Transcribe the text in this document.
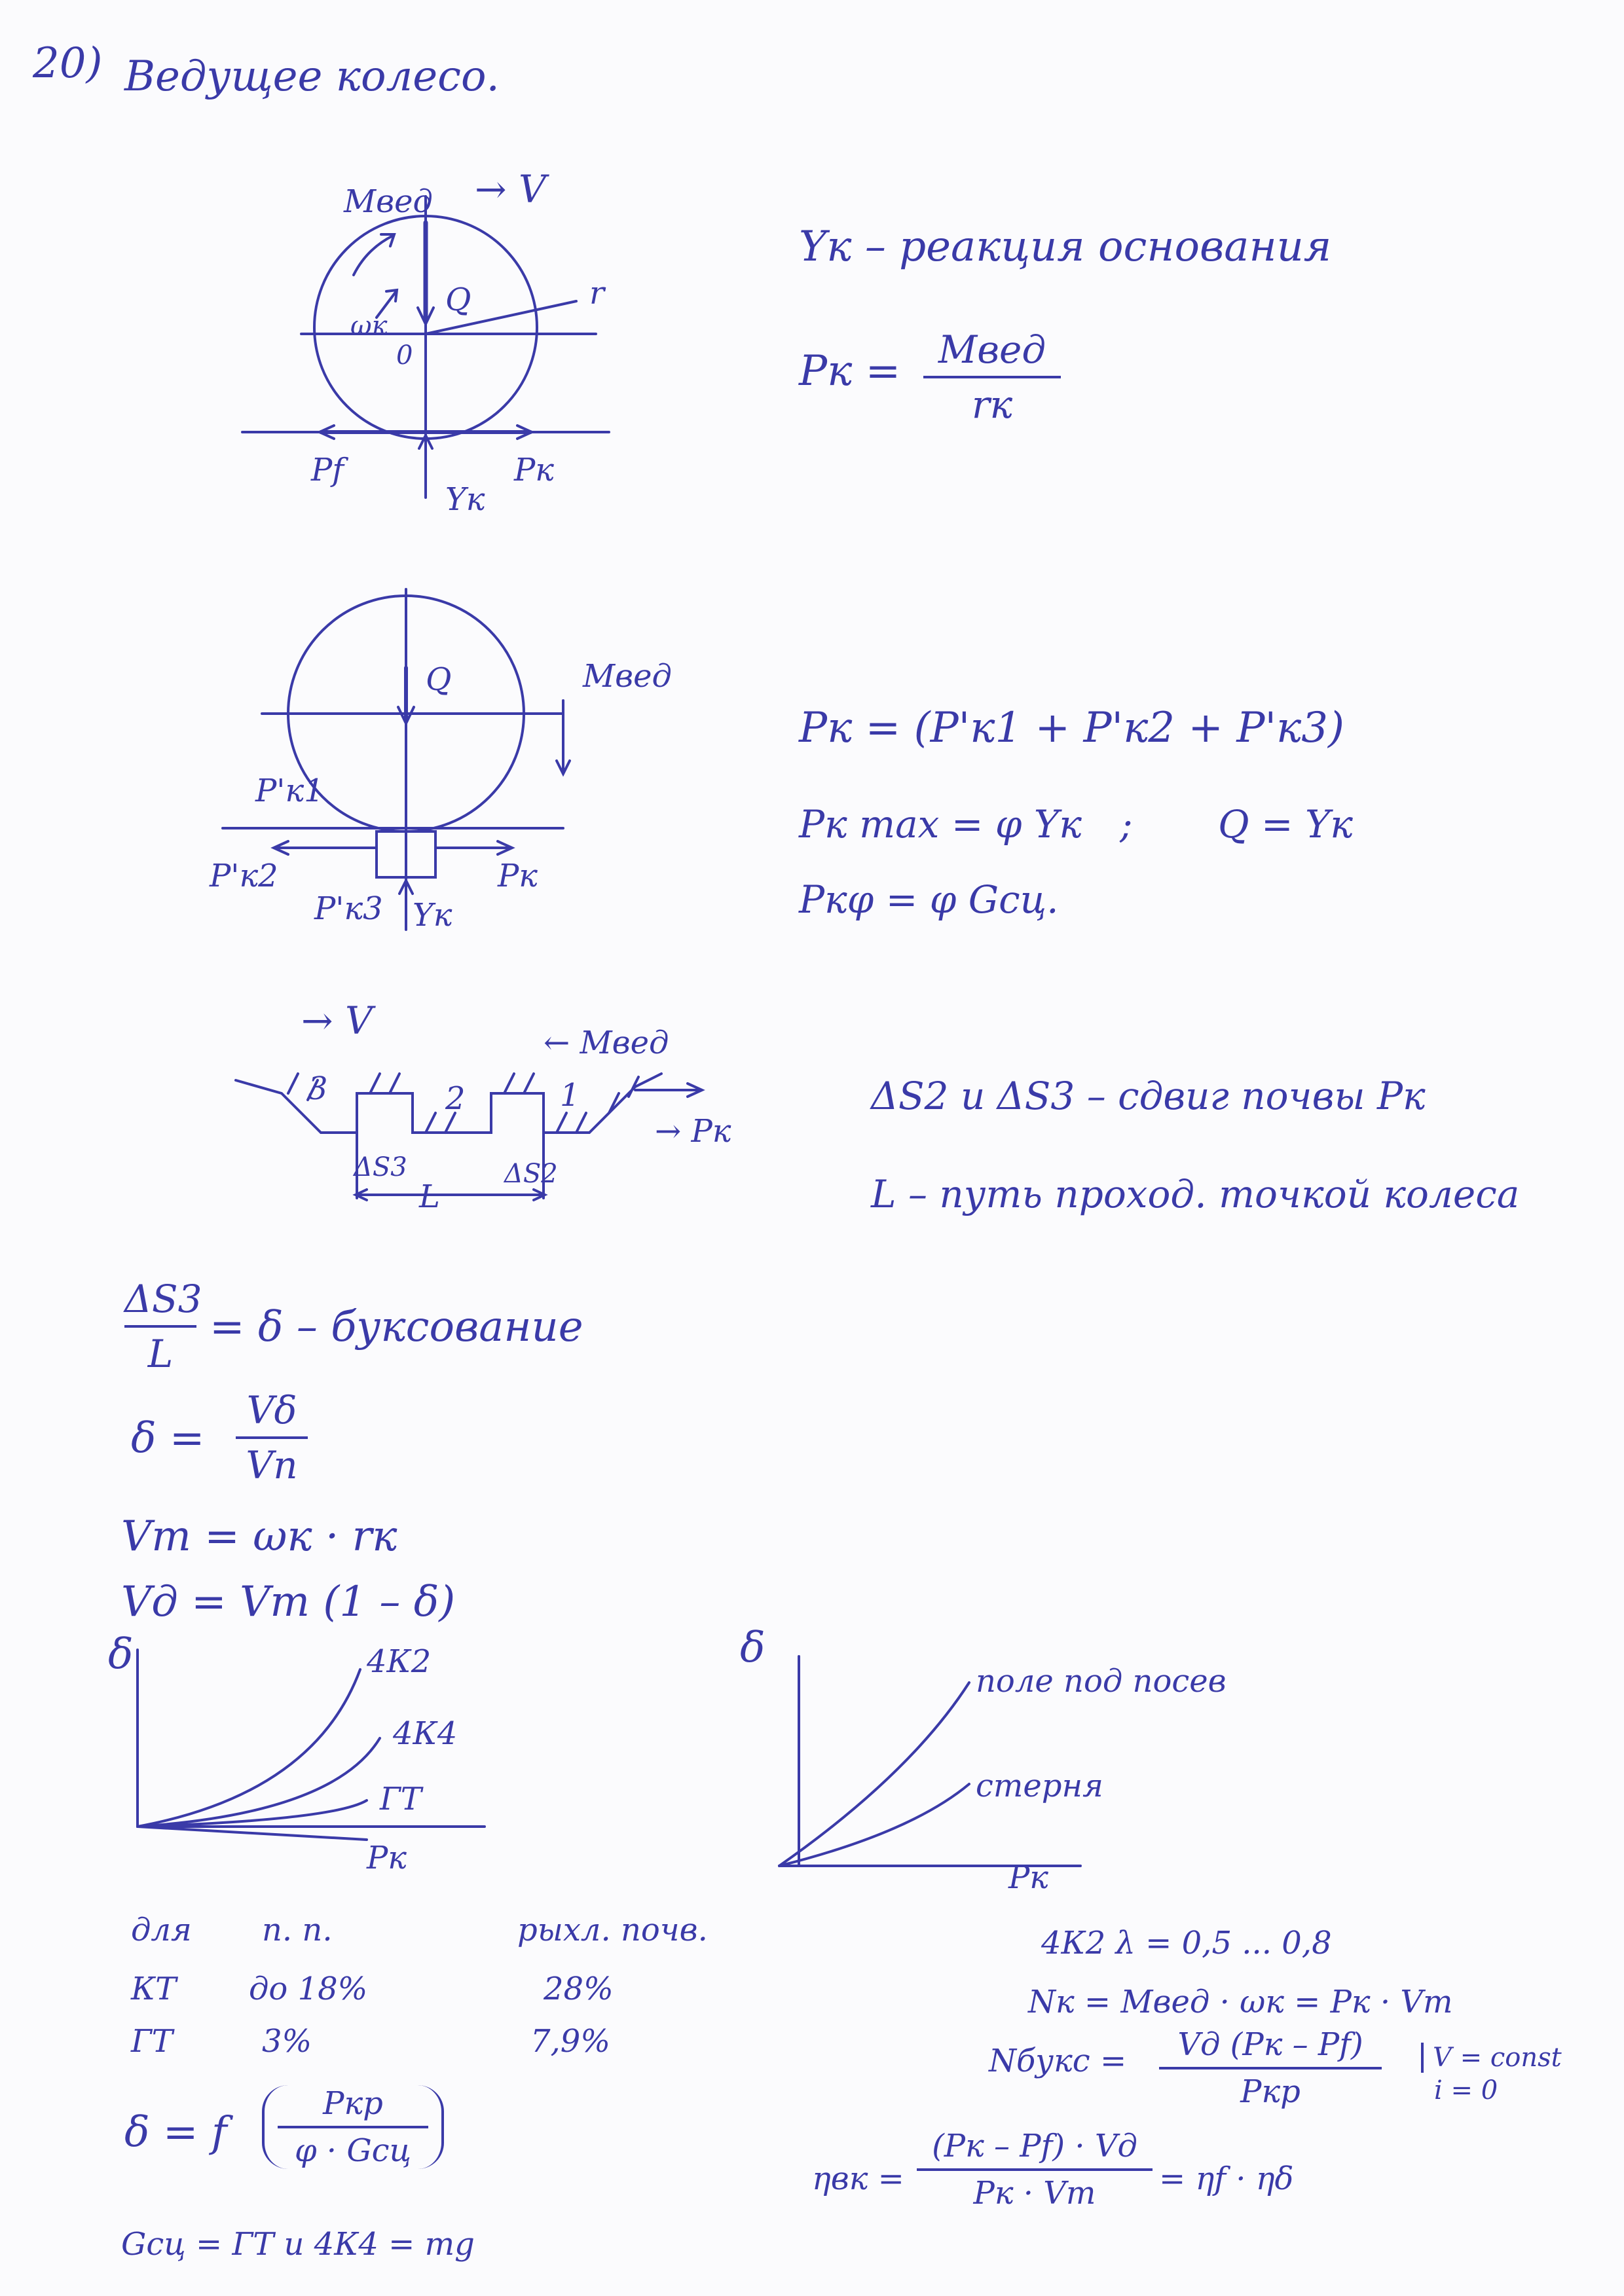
20) Ведущее колесо.
Mвед → V
Q
ωк
0
r
Pf	Pк
Yк
Yк – реакция основания
Pк = Mвед
rк
Q	Mвед
P'к1
P'к2
P'к3
Pк
Yк
Pк = (P'к1 + P'к2 + P'к3)
Pк max = φ Yк ; Q = Yк
Pкφ = φ Gсц.
→ V	← Mвед
3	2	1
ΔS3	ΔS2
L
→ Pк
ΔS2 и ΔS3 – сдвиг почвы Pк
L – путь проход. точкой колеса
ΔS3
L
= δ – буксование
δ =
Vδ
Vп
Vт = ωк · rк
Vд = Vт (1 – δ)
δ
Pк
4К2
4К4
ГТ
δ
Pк
поле под посев
стерня
для п. п.	рыхл. почв.
КТ до 18%	28%
ГТ	3%	7,9%
4К2 λ = 0,5 ... 0,8
Nк = Mвед · ωк = Pк · Vт
Nбукс =	Vд (Pк – Pf)
Pкр
V = const
i = 0
ηвк =
(Pк – Pf) · Vд
Pк · Vт	= ηf · ηδ
δ = f
Pкр
φ · Gсц
Gсц = ГТ и 4К4 = mg
